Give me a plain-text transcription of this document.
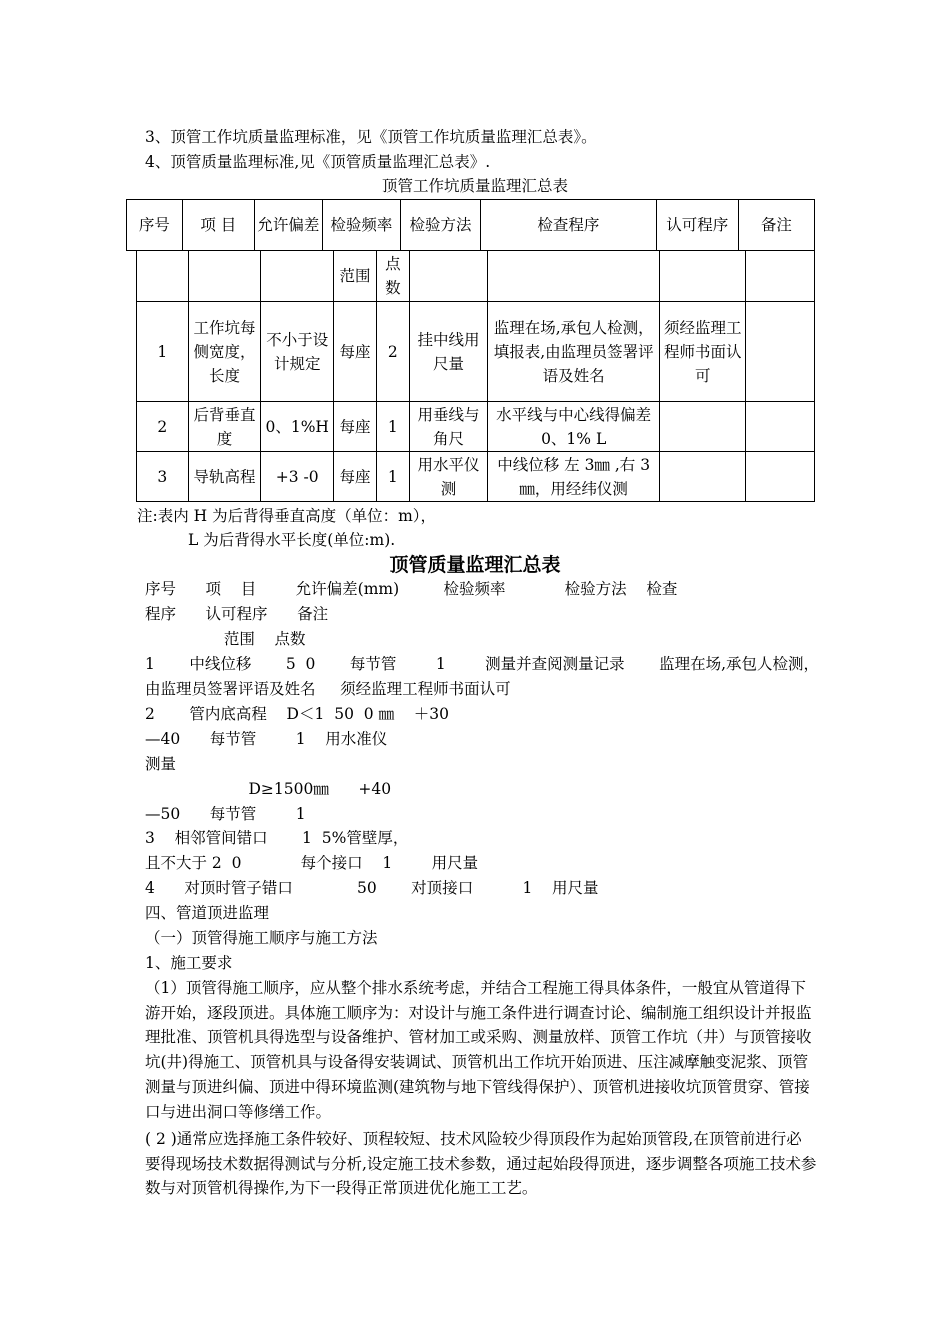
3、顶管工作坑质量监理标准，见《顶管工作坑质量监理汇总表》。
4、顶管质量监理标准,见《顶管质量监理汇总表》.
顶管工作坑质量监理汇总表
序号	项 目	允许偏差	检验频率	检验方法	检查程序	认可程序	备注
			范围	点数				
1	工作坑每侧宽度，长度	不小于设计规定	每座	2	挂中线用尺量	监理在场,承包人检测，填报表,由监理员签署评语及姓名	须经监理工程师书面认可	
2	后背垂直度	0、1%H	每座	1	用垂线与角尺	水平线与中心线得偏差0、1% L		
3	导轨高程	+3 -0	每座	1	用水平仪测	中线位移 左 3㎜ ,右 3 ㎜，用经纬仪测		
注:表内 H 为后背得垂直高度（单位：m），
L 为后背得水平长度(单位:m).
顶管质量监理汇总表
序号      项    目        允许偏差(mm)         检验频率            检验方法    检查
程序      认可程序      备注
范围    点数
1       中线位移       5  0       每节管        1        测量并查阅测量记录       监理在场,承包人检测，
由监理员签署评语及姓名     须经监理工程师书面认可
2       管内底高程    D＜1  50  0 ㎜    ＋30
—40      每节管        1    用水准仪
测量
D≥1500㎜      +40
—50      每节管        1
3    相邻管间错口       1  5%管壁厚，
且不大于 2  0            每个接口    1        用尺量
4      对顶时管子错口             50       对顶接口          1    用尺量
四、管道顶进监理
（一）顶管得施工顺序与施工方法
1、施工要求
（1）顶管得施工顺序，应从整个排水系统考虑，并结合工程施工得具体条件，一般宜从管道得下游开始，逐段顶进。具体施工顺序为：对设计与施工条件进行调查讨论、编制施工组织设计并报监理批准、顶管机具得选型与设备维护、管材加工或采购、测量放样、顶管工作坑（井）与顶管接收坑(井)得施工、顶管机具与设备得安装调试、顶管机出工作坑开始顶进、压注减摩触变泥浆、顶管测量与顶进纠偏、顶进中得环境监测(建筑物与地下管线得保护）、顶管机进接收坑顶管贯穿、管接口与进出洞口等修缮工作。
( 2 )通常应选择施工条件较好、顶程较短、技术风险较少得顶段作为起始顶管段,在顶管前进行必要得现场技术数据得测试与分析,设定施工技术参数，通过起始段得顶进，逐步调整各项施工技术参数与对顶管机得操作,为下一段得正常顶进优化施工工艺。
